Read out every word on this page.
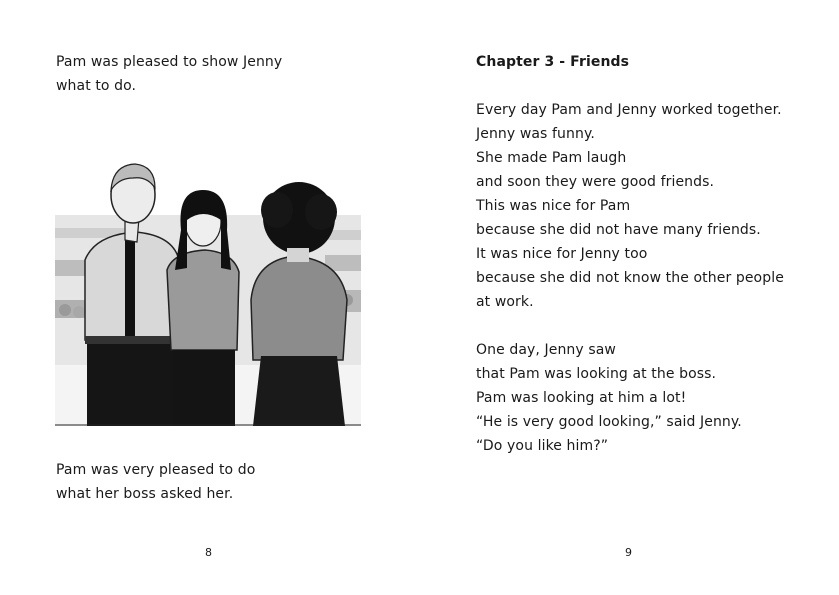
Pam was pleased to show Jenny
what to do.
Pam was very pleased to do
what her boss asked her.
8
Chapter 3 - Friends
Every day Pam and Jenny worked together.
Jenny was funny.
She made Pam laugh
and soon they were good friends.
This was nice for Pam
because she did not have many friends.
It was nice for Jenny too
because she did not know the other people
at work.
One day, Jenny saw
that Pam was looking at the boss.
Pam was looking at him a lot!
“He is very good looking,” said Jenny.
“Do you like him?”
9
